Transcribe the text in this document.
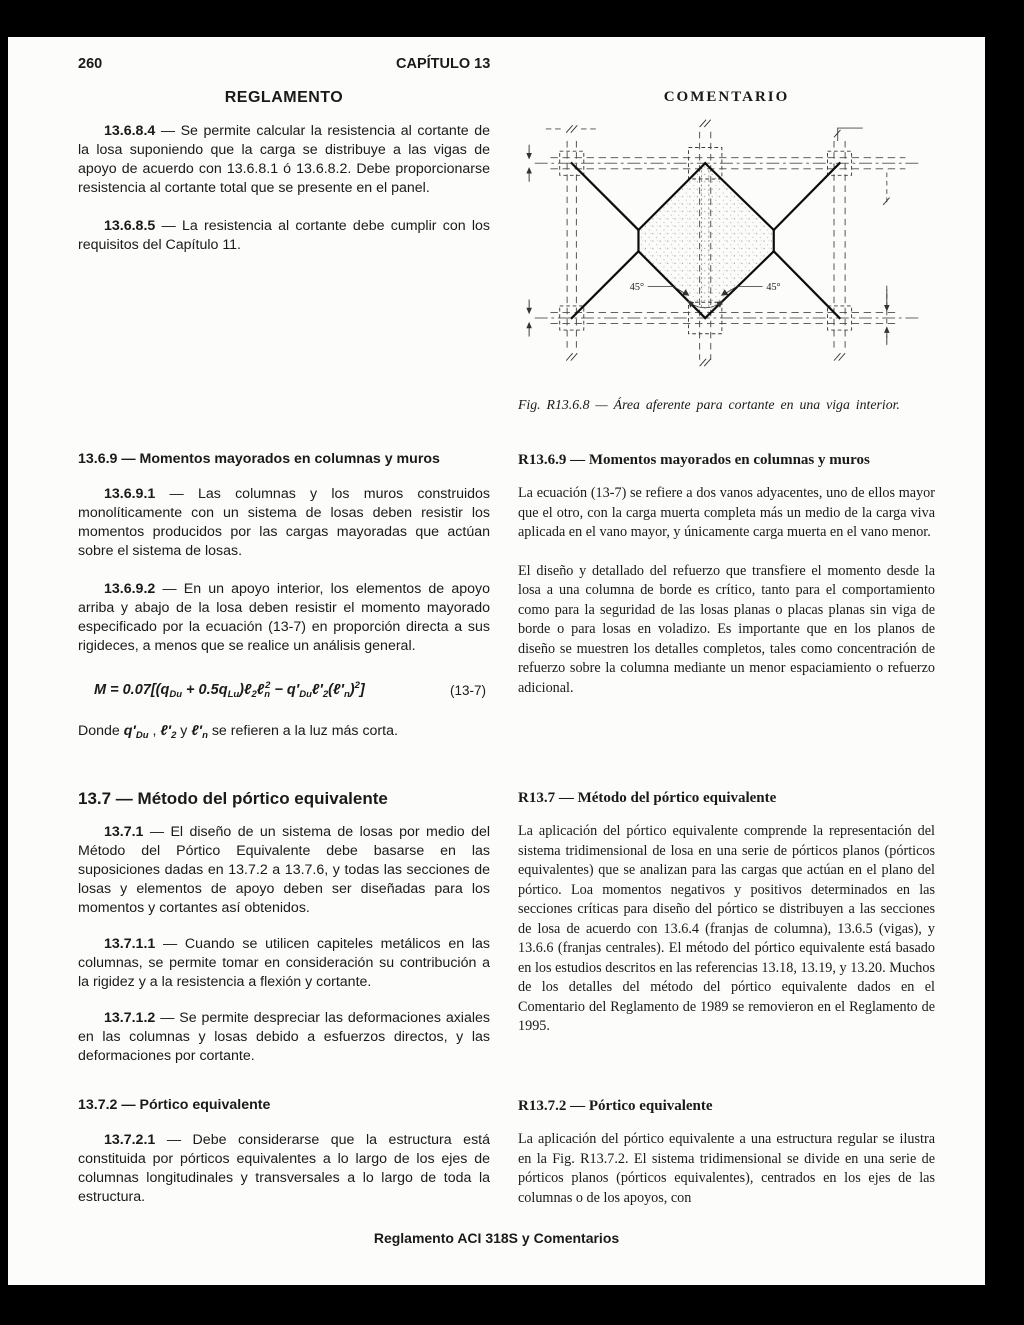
260	CAPÍTULO 13
REGLAMENTO	COMENTARIO

13.6.8.4 — Se permite calcular la resistencia al cortante de la losa suponiendo que la carga se distribuye a las vigas de apoyo de acuerdo con 13.6.8.1 ó 13.6.8.2. Debe proporcionarse resistencia al cortante total que se presente en el panel.

13.6.8.5 — La resistencia al cortante debe cumplir con los requisitos del Capítulo 11.

45°	45°
Fig. R13.6.8 — Área aferente para cortante en una viga interior.

13.6.9 — Momentos mayorados en columnas y muros

13.6.9.1 — Las columnas y los muros construidos monolíticamente con un sistema de losas deben resistir los momentos producidos por las cargas mayoradas que actúan sobre el sistema de losas.

13.6.9.2 — En un apoyo interior, los elementos de apoyo arriba y abajo de la losa deben resistir el momento mayorado especificado por la ecuación (13-7) en proporción directa a sus rigideces, a menos que se realice un análisis general.

$M = 0.07[(q_{Du}$ + $0.5q_{Lu})\ell_2\ell_n^2$ − $q'_{Du}\ell'_2(\ell'_n)^2$]	(13-7)

Donde $q'_{Du}$ , $\ell'_2$ y $\ell'_n$ se refieren a la luz más corta.

R13.6.9 — Momentos mayorados en columnas y muros

La ecuación (13-7) se refiere a dos vanos adyacentes, uno de ellos mayor que el otro, con la carga muerta completa más un medio de la carga viva aplicada en el vano mayor, y únicamente carga muerta en el vano menor.

El diseño y detallado del refuerzo que transfiere el momento desde la losa a una columna de borde es crítico, tanto para el comportamiento como para la seguridad de las losas planas o placas planas sin viga de borde o para losas en voladizo. Es importante que en los planos de diseño se muestren los detalles completos, tales como concentración de refuerzo sobre la columna mediante un menor espaciamiento o refuerzo adicional.

13.7 — Método del pórtico equivalente

13.7.1 — El diseño de un sistema de losas por medio del Método del Pórtico Equivalente debe basarse en las suposiciones dadas en 13.7.2 a 13.7.6, y todas las secciones de losas y elementos de apoyo deben ser diseñadas para los momentos y cortantes así obtenidos.

13.7.1.1 — Cuando se utilicen capiteles metálicos en las columnas, se permite tomar en consideración su contribución a la rigidez y a la resistencia a flexión y cortante.

13.7.1.2 — Se permite despreciar las deformaciones axiales en las columnas y losas debido a esfuerzos directos, y las deformaciones por cortante.

R13.7 — Método del pórtico equivalente

La aplicación del pórtico equivalente comprende la representación del sistema tridimensional de losa en una serie de pórticos planos (pórticos equivalentes) que se analizan para las cargas que actúan en el plano del pórtico. Loa momentos negativos y positivos determinados en las secciones críticas para diseño del pórtico se distribuyen a las secciones de losa de acuerdo con 13.6.4 (franjas de columna), 13.6.5 (vigas), y 13.6.6 (franjas centrales). El método del pórtico equivalente está basado en los estudios descritos en las referencias 13.18, 13.19, y 13.20. Muchos de los detalles del método del pórtico equivalente dados en el Comentario del Reglamento de 1989 se removieron en el Reglamento de 1995.

13.7.2 — Pórtico equivalente

13.7.2.1 — Debe considerarse que la estructura está constituida por pórticos equivalentes a lo largo de los ejes de columnas longitudinales y transversales a lo largo de toda la estructura.

R13.7.2 — Pórtico equivalente

La aplicación del pórtico equivalente a una estructura regular se ilustra en la Fig. R13.7.2. El sistema tridimensional se divide en una serie de pórticos planos (pórticos equivalentes), centrados en los ejes de las columnas o de los apoyos, con

Reglamento ACI 318S y Comentarios
